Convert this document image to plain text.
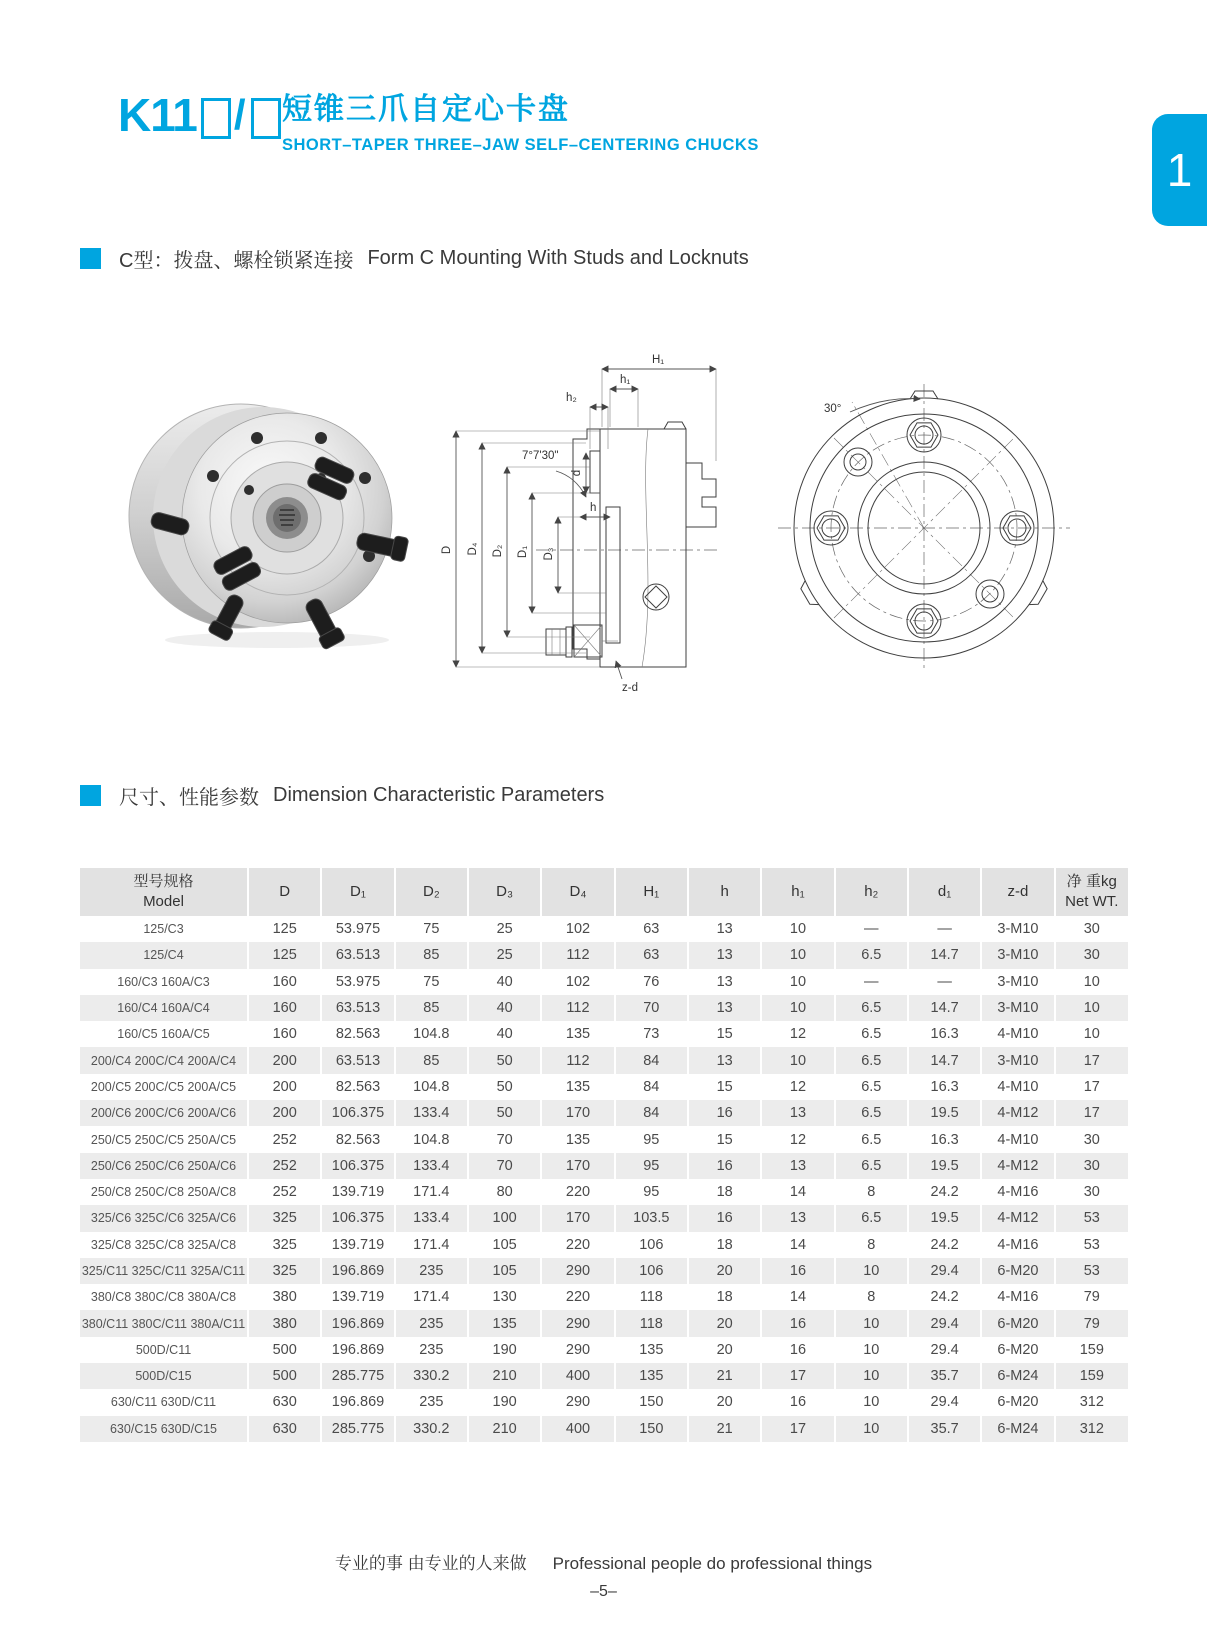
K11 / 短锥三爪自定心卡盘
SHORT–TAPER THREE–JAW SELF–CENTERING CHUCKS	1
C型：拨盘、螺栓锁紧连接 Form C Mounting With Studs and Locknuts
H₁
h₁
h₂
7°7'30"
d
h
D D₄ D₂ D₁ D₃
z-d
30°
尺寸、性能参数 Dimension Characteristic Parameters
型号规格
Model	D	D₁	D₂	D₃	D₄	H₁	h	h₁	h₂	d₁	z-d	净 重kg
Net WT.

125/C3	125	53.975	75	25	102	63	13	10	—	—	3-M10	30
125/C4	125	63.513	85	25	112	63	13	10	6.5	14.7	3-M10	30
160/C3 160A/C3	160	53.975	75	40	102	76	13	10	—	—	3-M10	10
160/C4 160A/C4	160	63.513	85	40	112	70	13	10	6.5	14.7	3-M10	10
160/C5 160A/C5	160	82.563	104.8	40	135	73	15	12	6.5	16.3	4-M10	10
200/C4 200C/C4 200A/C4	200	63.513	85	50	112	84	13	10	6.5	14.7	3-M10	17
200/C5 200C/C5 200A/C5	200	82.563	104.8	50	135	84	15	12	6.5	16.3	4-M10	17
200/C6 200C/C6 200A/C6	200	106.375	133.4	50	170	84	16	13	6.5	19.5	4-M12	17
250/C5 250C/C5 250A/C5	252	82.563	104.8	70	135	95	15	12	6.5	16.3	4-M10	30
250/C6 250C/C6 250A/C6	252	106.375	133.4	70	170	95	16	13	6.5	19.5	4-M12	30
250/C8 250C/C8 250A/C8	252	139.719	171.4	80	220	95	18	14	8	24.2	4-M16	30
325/C6 325C/C6 325A/C6	325	106.375	133.4	100	170	103.5	16	13	6.5	19.5	4-M12	53
325/C8 325C/C8 325A/C8	325	139.719	171.4	105	220	106	18	14	8	24.2	4-M16	53
325/C11 325C/C11 325A/C11	325	196.869	235	105	290	106	20	16	10	29.4	6-M20	53
380/C8 380C/C8 380A/C8	380	139.719	171.4	130	220	118	18	14	8	24.2	4-M16	79
380/C11 380C/C11 380A/C11	380	196.869	235	135	290	118	20	16	10	29.4	6-M20	79
500D/C11	500	196.869	235	190	290	135	20	16	10	29.4	6-M20	159
500D/C15	500	285.775	330.2	210	400	135	21	17	10	35.7	6-M24	159
630/C11 630D/C11	630	196.869	235	190	290	150	20	16	10	29.4	6-M20	312
630/C15 630D/C15	630	285.775	330.2	210	400	150	21	17	10	35.7	6-M24	312
专业的事 由专业的人来做 Professional people do professional things
–5–
